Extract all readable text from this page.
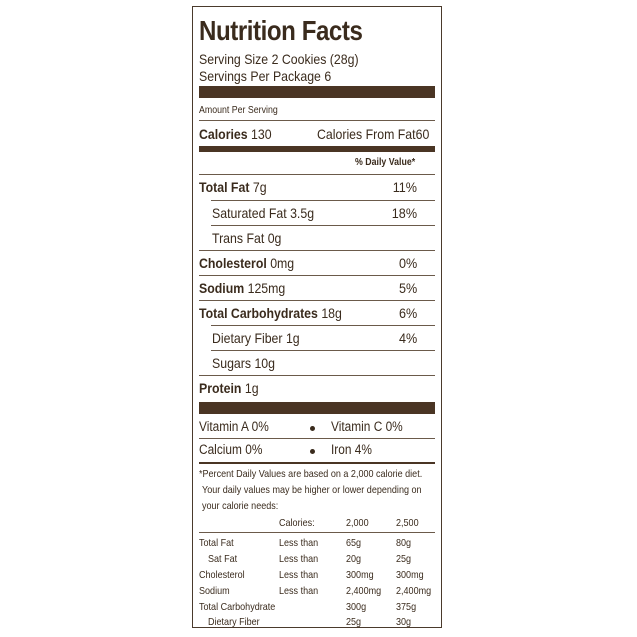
Nutrition Facts
Serving Size 2 Cookies (28g)
Servings Per Package 6
Amount Per Serving
Calories 130	Calories From Fat60
% Daily Value*
Total Fat 7g	11%
Saturated Fat 3.5g	18%
Trans Fat 0g
Cholesterol 0mg	0%
Sodium 125mg	5%
Total Carbohydrates 18g	6%
Dietary Fiber 1g	4%
Sugars 10g
Protein 1g
Vitamin A 0%	Vitamin C 0%
Calcium 0%	Iron 4%
*Percent Daily Values are based on a 2,000 calorie diet.
Your daily values may be higher or lower depending on
your calorie needs:
Calories:	2,000	2,500
Total Fat	Less than	65g	80g
Sat Fat	Less than	20g	25g
Cholesterol	Less than	300mg 300mg
Sodium	Less than	2,400mg 2,400mg
Total Carbohydrate	300g	375g
Dietary Fiber	25g	30g
